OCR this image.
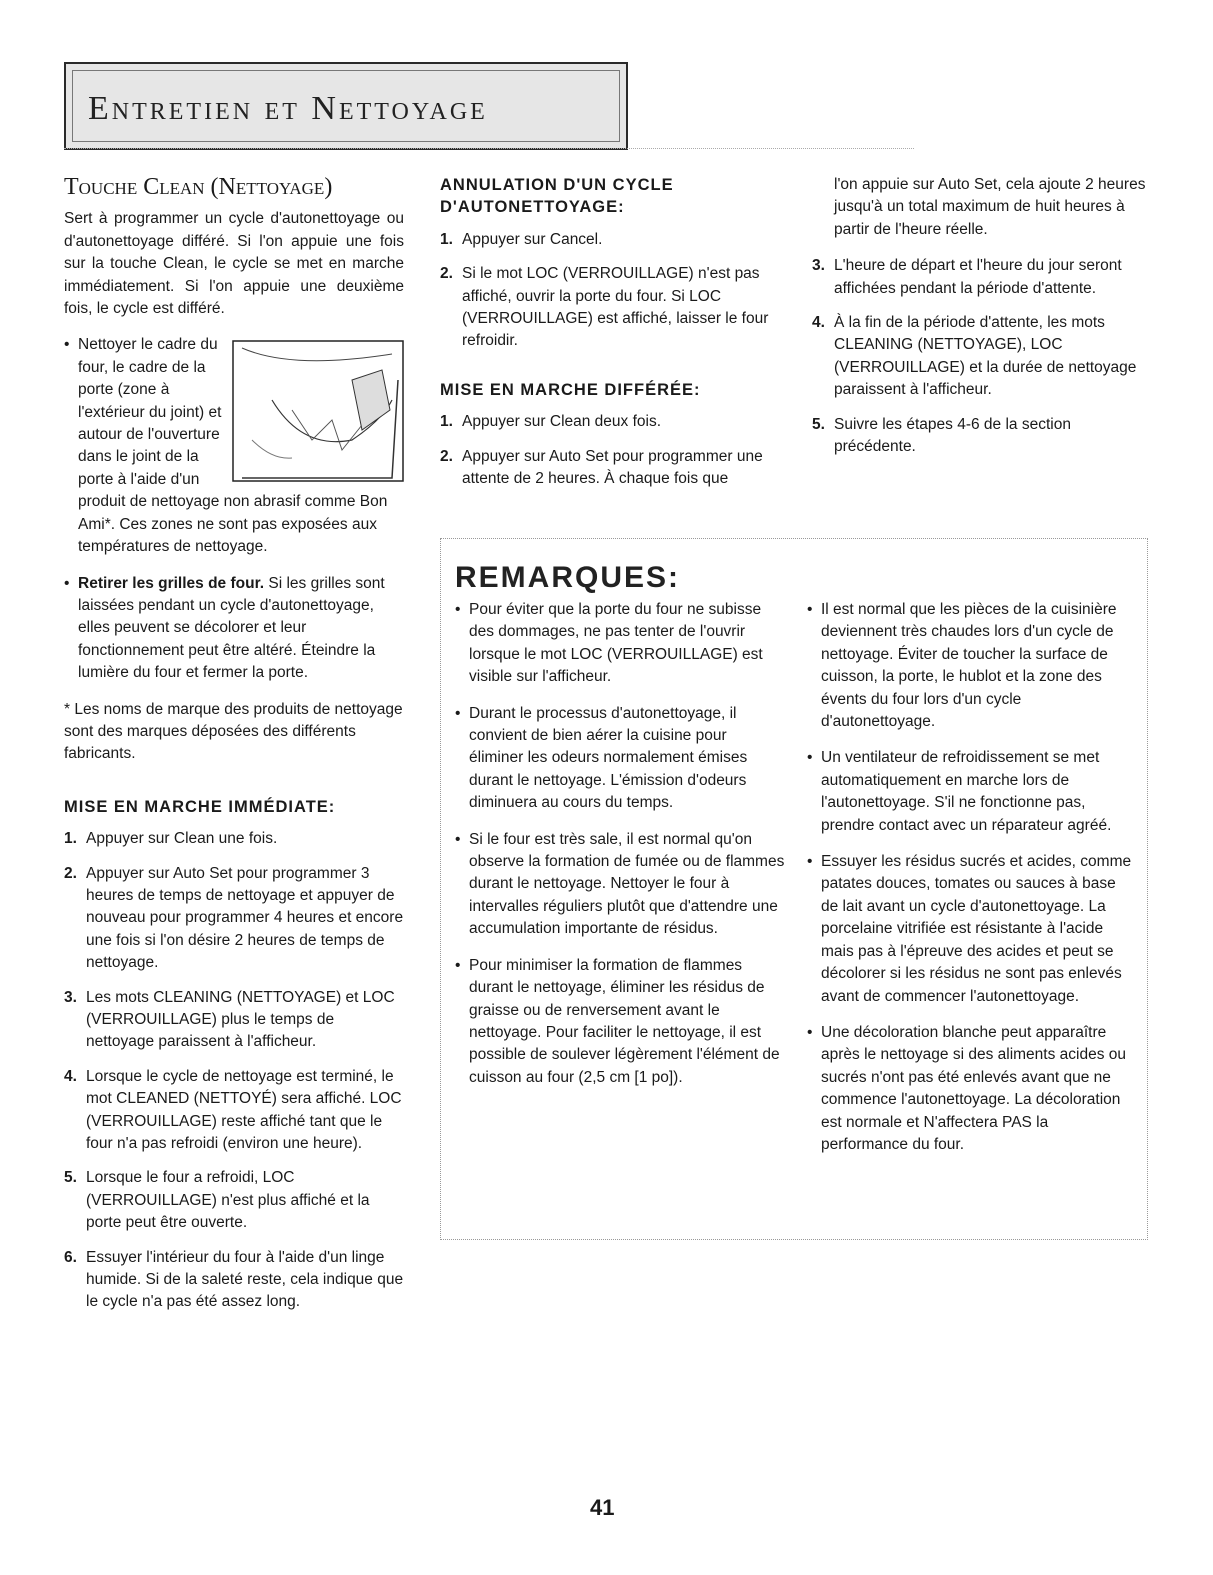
Entretien et Nettoyage
Touche Clean (Nettoyage)

Sert à programmer un cycle d'autonettoyage ou d'autonettoyage différé. Si l'on appuie une fois sur la touche Clean, le cycle se met en marche immédiatement. Si l'on appuie une deuxième fois, le cycle est différé.

• Nettoyer le cadre du four, le cadre de la porte (zone à l'extérieur du joint) et autour de l'ouverture dans le joint de la porte à l'aide d'un produit de nettoyage non abrasif comme Bon Ami*. Ces zones ne sont pas exposées aux températures de nettoyage.
• Retirer les grilles de four. Si les grilles sont laissées pendant un cycle d'autonettoyage, elles peuvent se décolorer et leur fonctionnement peut être altéré. Éteindre la lumière du four et fermer la porte.

* Les noms de marque des produits de nettoyage sont des marques déposées des différents fabricants.

MISE EN MARCHE IMMÉDIATE:
1. Appuyer sur Clean une fois.
2. Appuyer sur Auto Set pour programmer 3 heures de temps de nettoyage et appuyer de nouveau pour programmer 4 heures et encore une fois si l'on désire 2 heures de temps de nettoyage.
3. Les mots CLEANING (NETTOYAGE) et LOC (VERROUILLAGE) plus le temps de nettoyage paraissent à l'afficheur.
4. Lorsque le cycle de nettoyage est terminé, le mot CLEANED (NETTOYÉ) sera affiché. LOC (VERROUILLAGE) reste affiché tant que le four n'a pas refroidi (environ une heure).
5. Lorsque le four a refroidi, LOC (VERROUILLAGE) n'est plus affiché et la porte peut être ouverte.
6. Essuyer l'intérieur du four à l'aide d'un linge humide. Si de la saleté reste, cela indique que le cycle n'a pas été assez long.
ANNULATION D'UN CYCLE D'AUTONETTOYAGE:
1. Appuyer sur Cancel.
2. Si le mot LOC (VERROUILLAGE) n'est pas affiché, ouvrir la porte du four. Si LOC (VERROUILLAGE) est affiché, laisser le four refroidir.
MISE EN MARCHE DIFFÉRÉE:
1. Appuyer sur Clean deux fois.
2. Appuyer sur Auto Set pour programmer une attente de 2 heures. À chaque fois que

l'on appuie sur Auto Set, cela ajoute 2 heures jusqu'à un total maximum de huit heures à partir de l'heure réelle.

3. L'heure de départ et l'heure du jour seront affichées pendant la période d'attente.
4. À la fin de la période d'attente, les mots CLEANING (NETTOYAGE), LOC (VERROUILLAGE) et la durée de nettoyage paraissent à l'afficheur.
5. Suivre les étapes 4-6 de la section précédente.
REMARQUES:
• Pour éviter que la porte du four ne subisse des dommages, ne pas tenter de l'ouvrir lorsque le mot LOC (VERROUILLAGE) est visible sur l'afficheur.
• Durant le processus d'autonettoyage, il convient de bien aérer la cuisine pour éliminer les odeurs normalement émises durant le nettoyage. L'émission d'odeurs diminuera au cours du temps.
• Si le four est très sale, il est normal qu'on observe la formation de fumée ou de flammes durant le nettoyage. Nettoyer le four à intervalles réguliers plutôt que d'attendre une accumulation importante de résidus.
• Pour minimiser la formation de flammes durant le nettoyage, éliminer les résidus de graisse ou de renversement avant le nettoyage. Pour faciliter le nettoyage, il est possible de soulever légèrement l'élément de cuisson au four (2,5 cm [1 po]).
• Il est normal que les pièces de la cuisinière deviennent très chaudes lors d'un cycle de nettoyage. Éviter de toucher la surface de cuisson, la porte, le hublot et la zone des évents du four lors d'un cycle d'autonettoyage.
• Un ventilateur de refroidissement se met automatiquement en marche lors de l'autonettoyage. S'il ne fonctionne pas, prendre contact avec un réparateur agréé.
• Essuyer les résidus sucrés et acides, comme patates douces, tomates ou sauces à base de lait avant un cycle d'autonettoyage. La porcelaine vitrifiée est résistante à l'acide mais pas à l'épreuve des acides et peut se décolorer si les résidus ne sont pas enlevés avant de commencer l'autonettoyage.
• Une décoloration blanche peut apparaître après le nettoyage si des aliments acides ou sucrés n'ont pas été enlevés avant que ne commence l'autonettoyage. La décoloration est normale et N'affectera PAS la performance du four.
41
